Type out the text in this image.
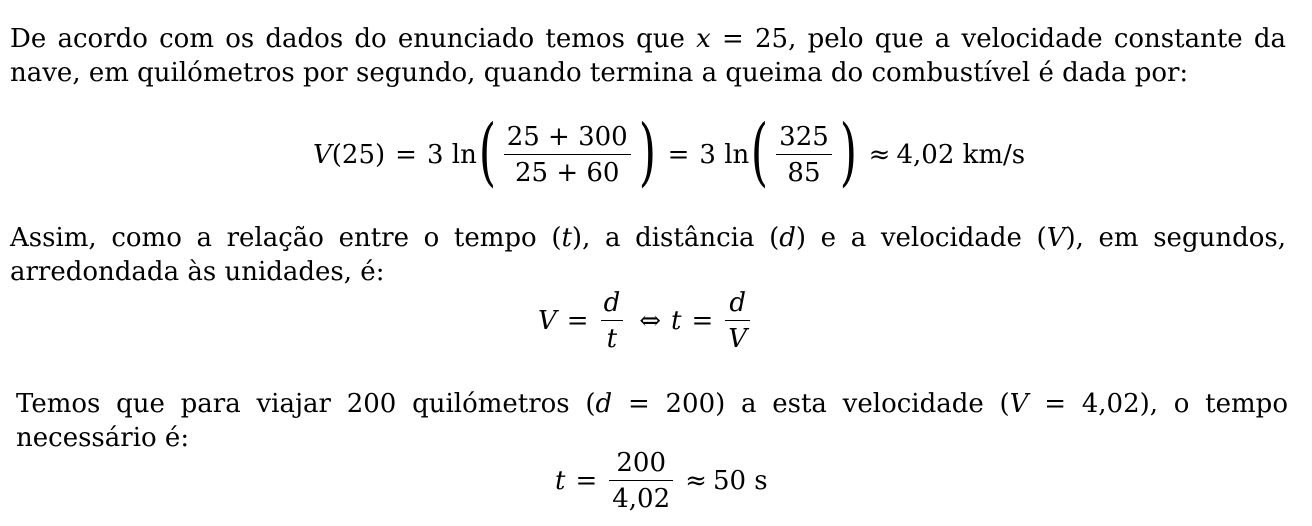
De acordo com os dados do enunciado temos que x = 25, pelo que a velocidade constante da nave, em quilómetros por segundo, quando termina a queima do combustível é dada por:
V (25) = 3 ln ( $\frac{25 + 300}{25 + 60}$ ) = 3 ln ( $\frac{325}{85}$ ) ≈ 4,02 km/s
Assim, como a relação entre o tempo (t), a distância (d) e a velocidade (V), em segundos, arredondada às unidades, é:
$V = \frac{d}{t}$ ⇔ $t = \frac{d}{V}$
Temos que para viajar 200 quilómetros (d = 200) a esta velocidade (V = 4,02), o tempo necessário é:
$t = \frac{200}{4,02} \approx 50$ s
